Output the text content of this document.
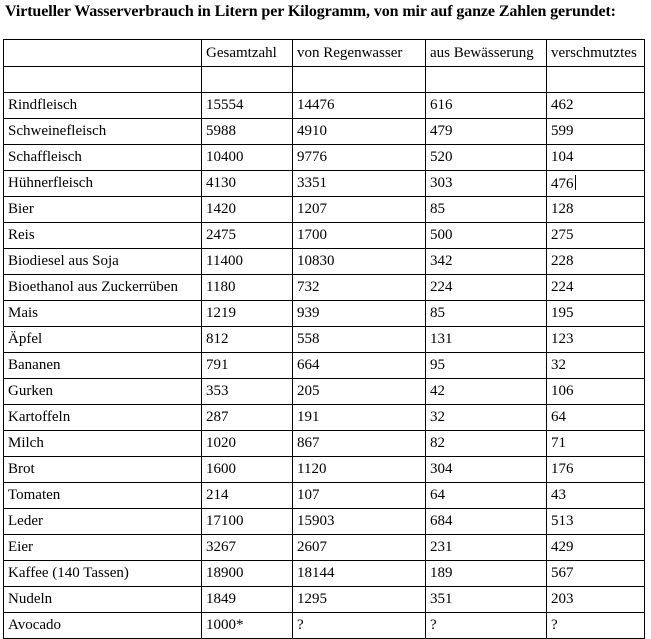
Virtueller Wasserverbrauch in Litern per Kilogramm, von mir auf ganze Zahlen gerundet:
	Gesamtzahl	von Regenwasser	aus Bewässerung	verschmutztes

Rindfleisch	15554	14476	616	462
Schweinefleisch	5988	4910	479	599
Schaffleisch	10400	9776	520	104
Hühnerfleisch	4130	3351	303	476
Bier	1420	1207	85	128
Reis	2475	1700	500	275
Biodiesel aus Soja	11400	10830	342	228
Bioethanol aus Zuckerrüben	1180	732	224	224
Mais	1219	939	85	195
Äpfel	812	558	131	123
Bananen	791	664	95	32
Gurken	353	205	42	106
Kartoffeln	287	191	32	64
Milch	1020	867	82	71
Brot	1600	1120	304	176
Tomaten	214	107	64	43
Leder	17100	15903	684	513
Eier	3267	2607	231	429
Kaffee (140 Tassen)	18900	18144	189	567
Nudeln	1849	1295	351	203
Avocado	1000*	?	?	?
